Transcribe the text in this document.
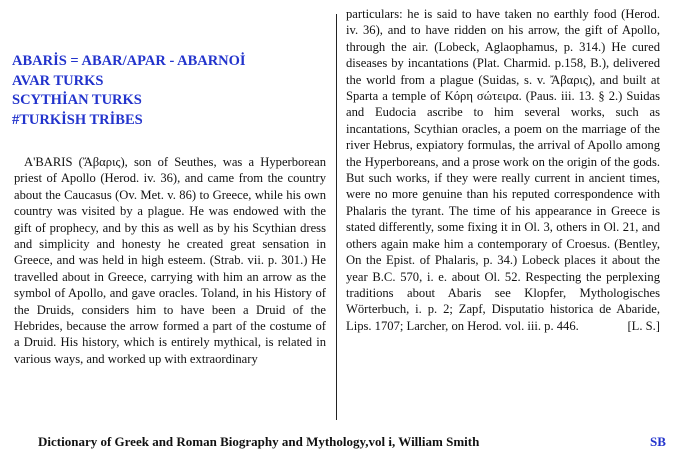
ABARİS = ABAR/APAR - ABARNOİ
AVAR TURKS
SCYTHİAN TURKS
#TURKİSH TRİBES

A'BARIS (Ἄβαρις), son of Seuthes, was a Hyperborean priest of Apollo (Herod. iv. 36), and came from the country about the Caucasus (Ov. Met. v. 86) to Greece, while his own country was visited by a plague. He was endowed with the gift of prophecy, and by this as well as by his Scythian dress and simplicity and honesty he created great sensation in Greece, and was held in high esteem. (Strab. vii. p. 301.) He travelled about in Greece, carrying with him an arrow as the symbol of Apollo, and gave oracles. Toland, in his History of the Druids, considers him to have been a Druid of the Hebrides, because the arrow formed a part of the costume of a Druid. His history, which is entirely mythical, is related in various ways, and worked up with extraordinary

particulars: he is said to have taken no earthly food (Herod. iv. 36), and to have ridden on his arrow, the gift of Apollo, through the air. (Lobeck, Aglaophamus, p. 314.) He cured diseases by incantations (Plat. Charmid. p.158, B.), delivered the world from a plague (Suidas, s. v. Ἄβαρις), and built at Sparta a temple of Κόρη σώτειρα. (Paus. iii. 13. § 2.) Suidas and Eudocia ascribe to him several works, such as incantations, Scythian oracles, a poem on the marriage of the river Hebrus, expiatory formulas, the arrival of Apollo among the Hyperboreans, and a prose work on the origin of the gods. But such works, if they were really current in ancient times, were no more genuine than his reputed correspondence with Phalaris the tyrant. The time of his appearance in Greece is stated differently, some fixing it in Ol. 3, others in Ol. 21, and others again make him a contemporary of Croesus. (Bentley, On the Epist. of Phalaris, p. 34.) Lobeck places it about the year B.C. 570, i. e. about Ol. 52. Respecting the perplexing traditions about Abaris see Klopfer, Mythologisches Wörterbuch, i. p. 2; Zapf, Disputatio historica de Abaride, Lips. 1707; Larcher, on Herod. vol. iii. p. 446.	[L. S.]

Dictionary of Greek and Roman Biography and Mythology,vol i, William Smith	SB
